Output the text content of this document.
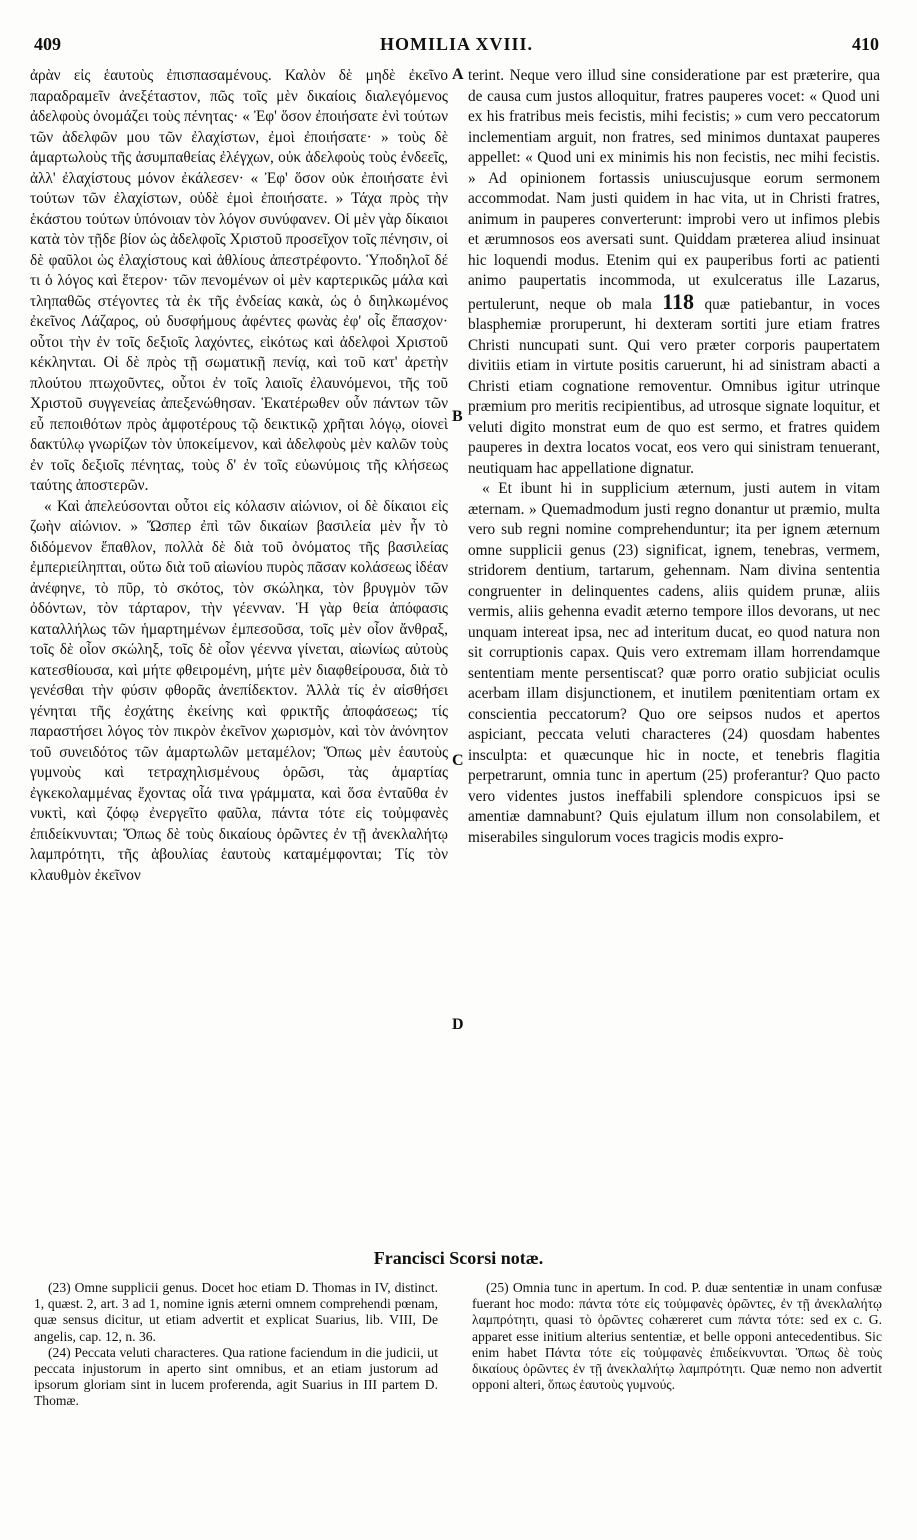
409	HOMILIA XVIII.	410

ἀρὰν εἰς ἑαυτοὺς ἐπισπασαμένους. Καλὸν δὲ μηδὲ ἐκεῖνο παραδραμεῖν ἀνεξέταστον, πῶς τοῖς μὲν δικαίοις διαλεγόμενος ἀδελφοὺς ὀνομάζει τοὺς πένητας· « Ἐφ' ὅσον ἐποιήσατε ἑνὶ τούτων τῶν ἀδελφῶν μου τῶν ἐλαχίστων, ἐμοὶ ἐποιήσατε· » τοὺς δὲ ἁμαρτωλοὺς τῆς ἀσυμπαθείας ἐλέγχων, οὐκ ἀδελφοὺς τοὺς ἐνδεεῖς, ἀλλ' ἐλαχίστους μόνον ἐκάλεσεν· « Ἐφ' ὅσον οὐκ ἐποιήσατε ἑνὶ τούτων τῶν ἐλαχίστων, οὐδὲ ἐμοὶ ἐποιήσατε. » Τάχα πρὸς τὴν ἑκάστου τούτων ὑπόνοιαν τὸν λόγον συνύφανεν. Οἱ μὲν γὰρ δίκαιοι κατὰ τὸν τῇδε βίον ὡς ἀδελφοῖς Χριστοῦ προσεῖχον τοῖς πένησιν, οἱ δὲ φαῦλοι ὡς ἐλαχίστους καὶ ἀθλίους ἀπεστρέφοντο. Ὑποδηλοῖ δέ τι ὁ λόγος καὶ ἕτερον· τῶν πενομένων οἱ μὲν καρτερικῶς μάλα καὶ τληπαθῶς στέγοντες τὰ ἐκ τῆς ἐνδείας κακὰ, ὡς ὁ διηλκωμένος ἐκεῖνος Λάζαρος, οὐ δυσφήμους ἀφέντες φωνὰς ἐφ' οἷς ἔπασχον· οὗτοι τὴν ἐν τοῖς δεξιοῖς λαχόντες, εἰκότως καὶ ἀδελφοὶ Χριστοῦ κέκληνται. Οἱ δὲ πρὸς τῇ σωματικῇ πενίᾳ, καὶ τοῦ κατ' ἀρετὴν πλούτου πτωχοῦντες, οὗτοι ἐν τοῖς λαιοῖς ἐλαυνόμενοι, τῆς τοῦ Χριστοῦ συγγενείας ἀπεξενώθησαν. Ἑκατέρωθεν οὖν πάντων τῶν εὖ πεποιθότων πρὸς ἀμφοτέρους τῷ δεικτικῷ χρῆται λόγῳ, οἱονεὶ δακτύλῳ γνωρίζων τὸν ὑποκείμενον, καὶ ἀδελφοὺς μὲν καλῶν τοὺς ἐν τοῖς δεξιοῖς πένητας, τοὺς δ' ἐν τοῖς εὐωνύμοις τῆς κλήσεως ταύτης ἀποστερῶν.

« Καὶ ἀπελεύσονται οὗτοι εἰς κόλασιν αἰώνιον, οἱ δὲ δίκαιοι εἰς ζωὴν αἰώνιον. » Ὥσπερ ἐπὶ τῶν δικαίων βασιλεία μὲν ἦν τὸ διδόμενον ἔπαθλον, πολλὰ δὲ διὰ τοῦ ὀνόματος τῆς βασιλείας ἐμπεριείληπται, οὕτω διὰ τοῦ αἰωνίου πυρὸς πᾶσαν κολάσεως ἰδέαν ἀνέφηνε, τὸ πῦρ, τὸ σκότος, τὸν σκώληκα, τὸν βρυγμὸν τῶν ὀδόντων, τὸν τάρταρον, τὴν γέενναν. Ἡ γὰρ θεία ἀπόφασις καταλλήλως τῶν ἡμαρτημένων ἐμπεσοῦσα, τοῖς μὲν οἷον ἄνθραξ, τοῖς δὲ οἷον σκώληξ, τοῖς δὲ οἷον γέεννα γίνεται, αἰωνίως αὐτοὺς κατεσθίουσα, καὶ μήτε φθειρομένη, μήτε μὲν διαφθείρουσα, διὰ τὸ γενέσθαι τὴν φύσιν φθορᾶς ἀνεπίδεκτον. Ἀλλὰ τίς ἐν αἰσθήσει γένηται τῆς ἐσχάτης ἐκείνης καὶ φρικτῆς ἀποφάσεως; τίς παραστήσει λόγος τὸν πικρὸν ἐκεῖνον χωρισμὸν, καὶ τὸν ἀνόνητον τοῦ συνειδότος τῶν ἁμαρτωλῶν μεταμέλον; Ὅπως μὲν ἑαυτοὺς γυμνοὺς καὶ τετραχηλισμένους ὁρῶσι, τὰς ἁμαρτίας ἐγκεκολαμμένας ἔχοντας οἷά τινα γράμματα, καὶ ὅσα ἐνταῦθα ἐν νυκτὶ, καὶ ζόφῳ ἐνεργεῖτο φαῦλα, πάντα τότε εἰς τοὐμφανὲς ἐπιδείκνυνται; Ὅπως δὲ τοὺς δικαίους ὁρῶντες ἐν τῇ ἀνεκλαλήτῳ λαμπρότητι, τῆς ἀβουλίας ἑαυτοὺς καταμέμφονται; Τίς τὸν κλαυθμὸν ἐκεῖνον

A
B
C
D

terint. Neque vero illud sine consideratione par est præterire, qua de causa cum justos alloquitur, fratres pauperes vocet: « Quod uni ex his fratribus meis fecistis, mihi fecistis; » cum vero peccatorum inclementiam arguit, non fratres, sed minimos duntaxat pauperes appellet: « Quod uni ex minimis his non fecistis, nec mihi fecistis. » Ad opinionem fortassis uniuscujusque eorum sermonem accommodat. Nam justi quidem in hac vita, ut in Christi fratres, animum in pauperes converterunt: improbi vero ut infimos plebis et ærumnosos eos aversati sunt. Quiddam præterea aliud insinuat hic loquendi modus. Etenim qui ex pauperibus forti ac patienti animo paupertatis incommoda, ut exulceratus ille Lazarus, pertulerunt, neque ob mala 118 quæ patiebantur, in voces blasphemiæ proruperunt, hi dexteram sortiti jure etiam fratres Christi nuncupati sunt. Qui vero præter corporis paupertatem divitiis etiam in virtute positis caruerunt, hi ad sinistram abacti a Christi etiam cognatione removentur. Omnibus igitur utrinque præmium pro meritis recipientibus, ad utrosque signate loquitur, et veluti digito monstrat eum de quo est sermo, et fratres quidem pauperes in dextra locatos vocat, eos vero qui sinistram tenuerant, neutiquam hac appellatione dignatur.

« Et ibunt hi in supplicium æternum, justi autem in vitam æternam. » Quemadmodum justi regno donantur ut præmio, multa vero sub regni nomine comprehenduntur; ita per ignem æternum omne supplicii genus (23) significat, ignem, tenebras, vermem, stridorem dentium, tartarum, gehennam. Nam divina sententia congruenter in delinquentes cadens, aliis quidem prunæ, aliis vermis, aliis gehenna evadit æterno tempore illos devorans, ut nec unquam intereat ipsa, nec ad interitum ducat, eo quod natura non sit corruptionis capax. Quis vero extremam illam horrendamque sententiam mente persentiscat? quæ porro oratio subjiciat oculis acerbam illam disjunctionem, et inutilem pœnitentiam ortam ex conscientia peccatorum? Quo ore seipsos nudos et apertos aspiciant, peccata veluti characteres (24) quosdam habentes insculpta: et quæcunque hic in nocte, et tenebris flagitia perpetrarunt, omnia tunc in apertum (25) proferantur? Quo pacto vero videntes justos ineffabili splendore conspicuos ipsi se amentiæ damnabunt? Quis ejulatum illum non consolabilem, et miserabiles singulorum voces tragicis modis expro-

Francisci Scorsi notæ.

(23) Omne supplicii genus. Docet hoc etiam D. Thomas in IV, distinct. 1, quæst. 2, art. 3 ad 1, nomine ignis æterni omnem comprehendi pœnam, quæ sensus dicitur, ut etiam advertit et explicat Suarius, lib. VIII, De angelis, cap. 12, n. 36.

(24) Peccata veluti characteres. Qua ratione faciendum in die judicii, ut peccata injustorum in aperto sint omnibus, et an etiam justorum ad ipsorum gloriam sint in lucem proferenda, agit Suarius in III partem D. Thomæ.

(25) Omnia tunc in apertum. In cod. P. duæ sententiæ in unam confusæ fuerant hoc modo: πάντα τότε εἰς τοὐμφανὲς ὁρῶντες, ἐν τῇ ἀνεκλαλήτῳ λαμπρότητι, quasi τὸ ὁρῶντες cohæreret cum πάντα τότε: sed ex c. G. apparet esse initium alterius sententiæ, et belle opponi antecedentibus. Sic enim habet Πάντα τότε εἰς τοὐμφανὲς ἐπιδείκνυνται. Ὅπως δὲ τοὺς δικαίους ὁρῶντες ἐν τῇ ἀνεκλαλήτῳ λαμπρότητι. Quæ nemo non advertit opponi alteri, ὅπως ἑαυτοὺς γυμνούς.
